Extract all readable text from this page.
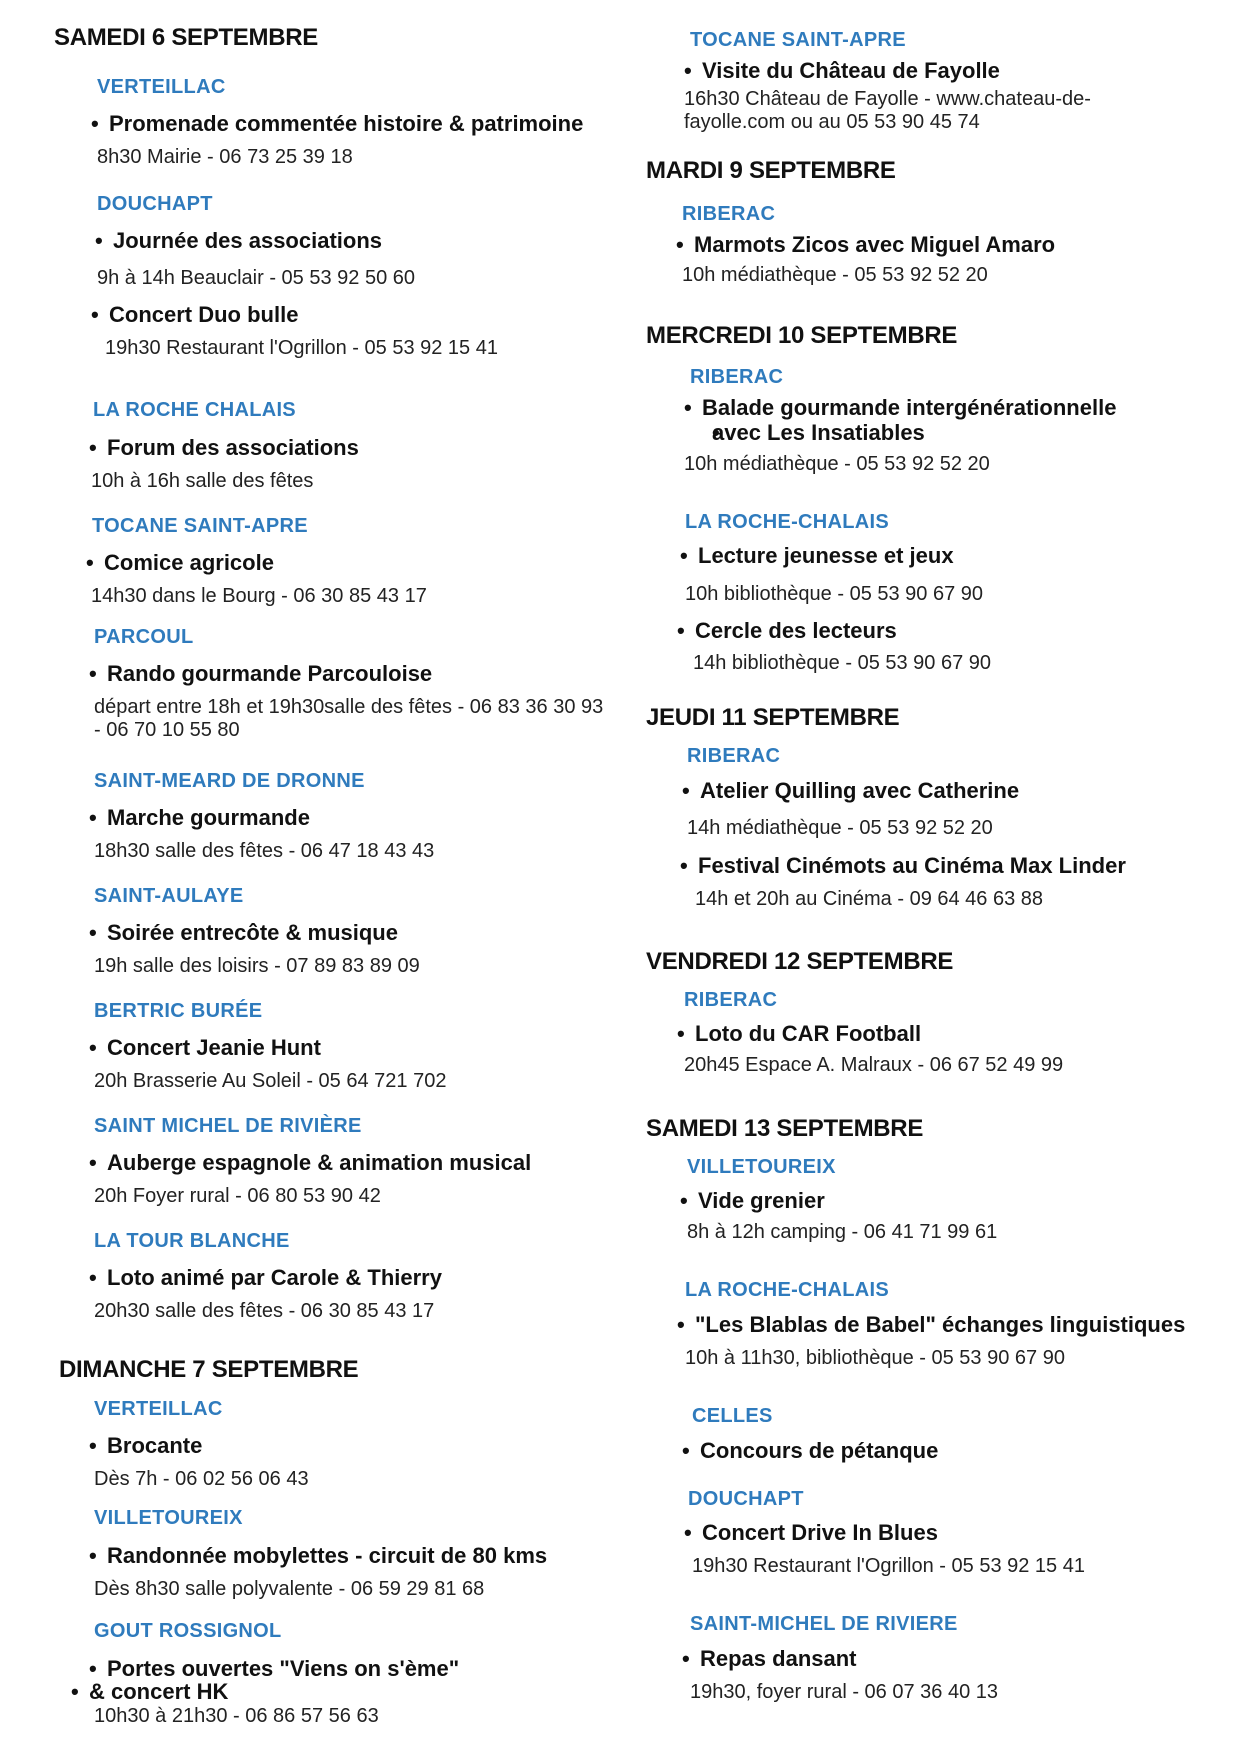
SAMEDI 6 SEPTEMBRE
VERTEILLAC
• Promenade commentée histoire & patrimoine
8h30 Mairie - 06 73 25 39 18
DOUCHAPT
• Journée des associations
9h à 14h Beauclair - 05 53 92 50 60
• Concert Duo bulle
19h30 Restaurant l'Ogrillon - 05 53 92 15 41
LA ROCHE CHALAIS
• Forum des associations
10h à 16h salle des fêtes
TOCANE SAINT-APRE
• Comice agricole
14h30 dans le Bourg - 06 30 85 43 17
PARCOUL
• Rando gourmande Parcouloise
départ entre 18h et 19h30salle des fêtes - 06 83 36 30 93 - 06 70 10 55 80
SAINT-MEARD DE DRONNE
• Marche gourmande
18h30 salle des fêtes - 06 47 18 43 43
SAINT-AULAYE
• Soirée entrecôte & musique
19h salle des loisirs - 07 89 83 89 09
BERTRIC BURÉE
• Concert Jeanie Hunt
20h Brasserie Au Soleil - 05 64 721 702
SAINT MICHEL DE RIVIÈRE
• Auberge espagnole & animation musical
20h Foyer rural - 06 80 53 90 42
LA TOUR BLANCHE
• Loto animé par Carole & Thierry
20h30 salle des fêtes - 06 30 85 43 17
DIMANCHE 7 SEPTEMBRE
VERTEILLAC
• Brocante
Dès 7h - 06 02 56 06 43
VILLETOUREIX
• Randonnée mobylettes - circuit de 80 kms
Dès 8h30 salle polyvalente - 06 59 29 81 68
GOUT ROSSIGNOL
• Portes ouvertes "Viens on s'ème"
• & concert HK
10h30 à 21h30 - 06 86 57 56 63
TOCANE SAINT-APRE
• Visite du Château de Fayolle
16h30 Château de Fayolle - www.chateau-de-fayolle.com ou au 05 53 90 45 74
MARDI 9 SEPTEMBRE
RIBERAC
• Marmots Zicos avec Miguel Amaro
10h médiathèque - 05 53 92 52 20
MERCREDI 10 SEPTEMBRE
RIBERAC
• Balade gourmande intergénérationnelle
• avec Les Insatiables
10h médiathèque - 05 53 92 52 20
LA ROCHE-CHALAIS
• Lecture jeunesse et jeux
10h bibliothèque - 05 53 90 67 90
• Cercle des lecteurs
14h bibliothèque - 05 53 90 67 90
JEUDI 11 SEPTEMBRE
RIBERAC
• Atelier Quilling avec Catherine
14h médiathèque - 05 53 92 52 20
• Festival Cinémots au Cinéma Max Linder
14h et 20h au Cinéma - 09 64 46 63 88
VENDREDI 12 SEPTEMBRE
RIBERAC
• Loto du CAR Football
20h45 Espace A. Malraux - 06 67 52 49 99
SAMEDI 13 SEPTEMBRE
VILLETOUREIX
• Vide grenier
8h à 12h camping - 06 41 71 99 61
LA ROCHE-CHALAIS
• "Les Blablas de Babel" échanges linguistiques
10h à 11h30, bibliothèque - 05 53 90 67 90
CELLES
• Concours de pétanque
DOUCHAPT
• Concert Drive In Blues
19h30 Restaurant l'Ogrillon - 05 53 92 15 41
SAINT-MICHEL DE RIVIERE
• Repas dansant
19h30, foyer rural - 06 07 36 40 13
